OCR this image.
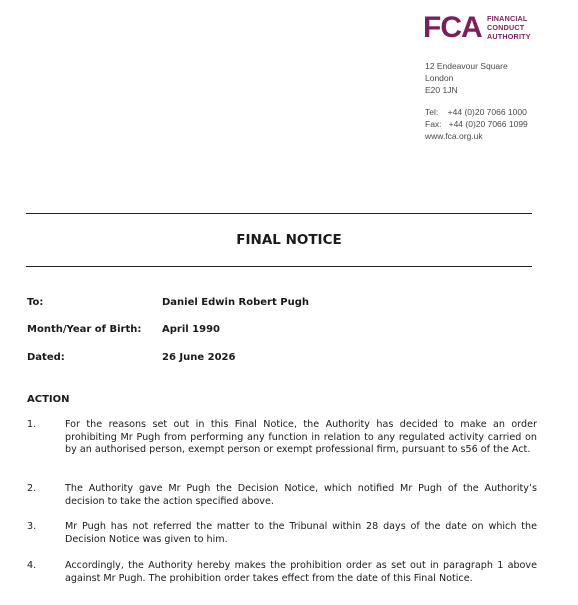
FCA FINANCIAL
CONDUCT
AUTHORITY
12 Endeavour Square
London
E20 1JN
Tel:    +44 (0)20 7066 1000
Fax:   +44 (0)20 7066 1099
www.fca.org.uk
FINAL NOTICE
To:	Daniel Edwin Robert Pugh
Month/Year of Birth: April 1990
Dated:	26 June 2026
ACTION
1.	For the reasons set out in this Final Notice, the Authority has decided to make an order prohibiting Mr Pugh from performing any function in relation to any regulated activity carried on by an authorised person, exempt person or exempt professional firm, pursuant to s56 of the Act.
2.	The Authority gave Mr Pugh the Decision Notice, which notified Mr Pugh of the Authority’s decision to take the action specified above.
3.	Mr Pugh has not referred the matter to the Tribunal within 28 days of the date on which the Decision Notice was given to him.
4.	Accordingly, the Authority hereby makes the prohibition order as set out in paragraph 1 above against Mr Pugh. The prohibition order takes effect from the date of this Final Notice.
